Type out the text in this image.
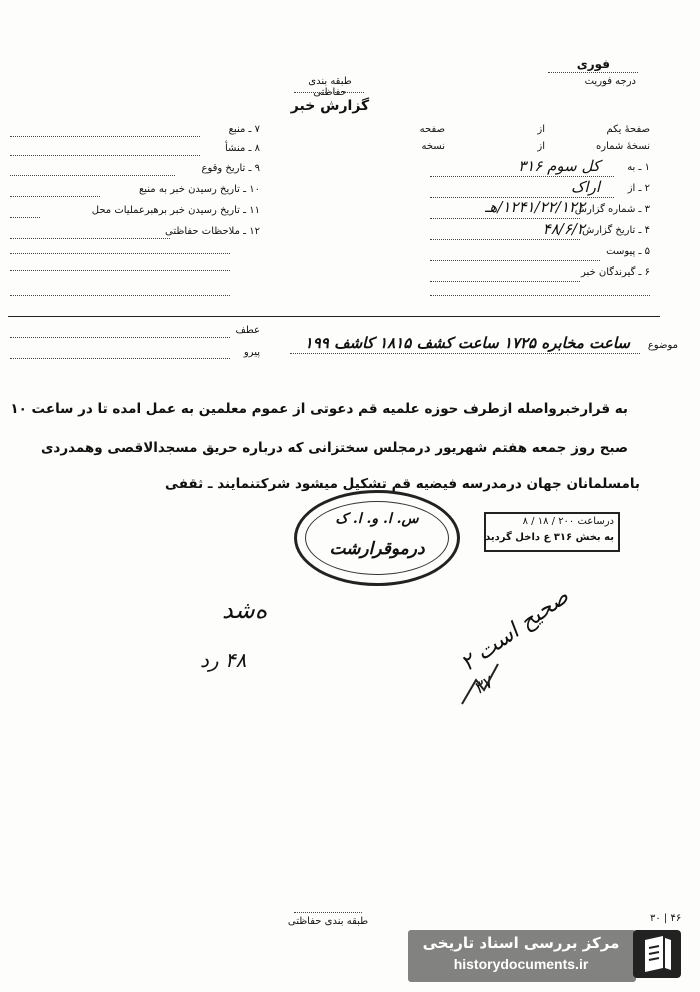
فوری
درجه فوریت
طبقه بندی حفاظتی
گزارش خبر
صفحهٔ یکم
از
صفحه
نسخهٔ شماره
از
نسخه
۱ ـ به
کل سوم ۳۱۶
۲ ـ از
اراک
۳ ـ شماره گزارش
۱۲۴۱/۲۲/۱۲۲/هـ
۴ ـ تاریخ گزارش
۴۸/۶/۲
۵ ـ پیوست
۶ ـ گیرندگان خبر
۷ ـ منبع
۸ ـ منشأ
۹ ـ تاریخ وقوع
۱۰ ـ تاریخ رسیدن خبر به منبع
۱۱ ـ تاریخ رسیدن خبر برهبرعملیات محل
۱۲ ـ ملاحظات حفاظتی
موضوع
ساعت مخابره ۱۷۲۵ ساعت کشف ۱۸۱۵ کاشف ۱۹۹
عطف
پیرو
به قرارخبرواصله ازطرف حوزه علمیه قم دعوتی از عموم معلمین به عمل امده تا در ساعت ۱۰
صبح روز جمعه هفتم شهریور درمجلس سختزانی که درباره حریق مسجدالاقصی وهمدردی
بامسلمانان جهان درمدرسه فیضیه قم تشکیل میشود شرکتنمایند ـ ثقفی
س. ا. و. ا. ک
درموقرارشت
درساعت ۲۰۰ / ۱۸ / ۸
به بخش ۳۱۶ ع داخل گردید
ه‌شد
۴۸ رد	صحیح است ۲
۳۷
طبقه بندی حفاظتی	۳۰ | ۴۶
مرکز بررسی اسناد تاریخی
historydocuments.ir
